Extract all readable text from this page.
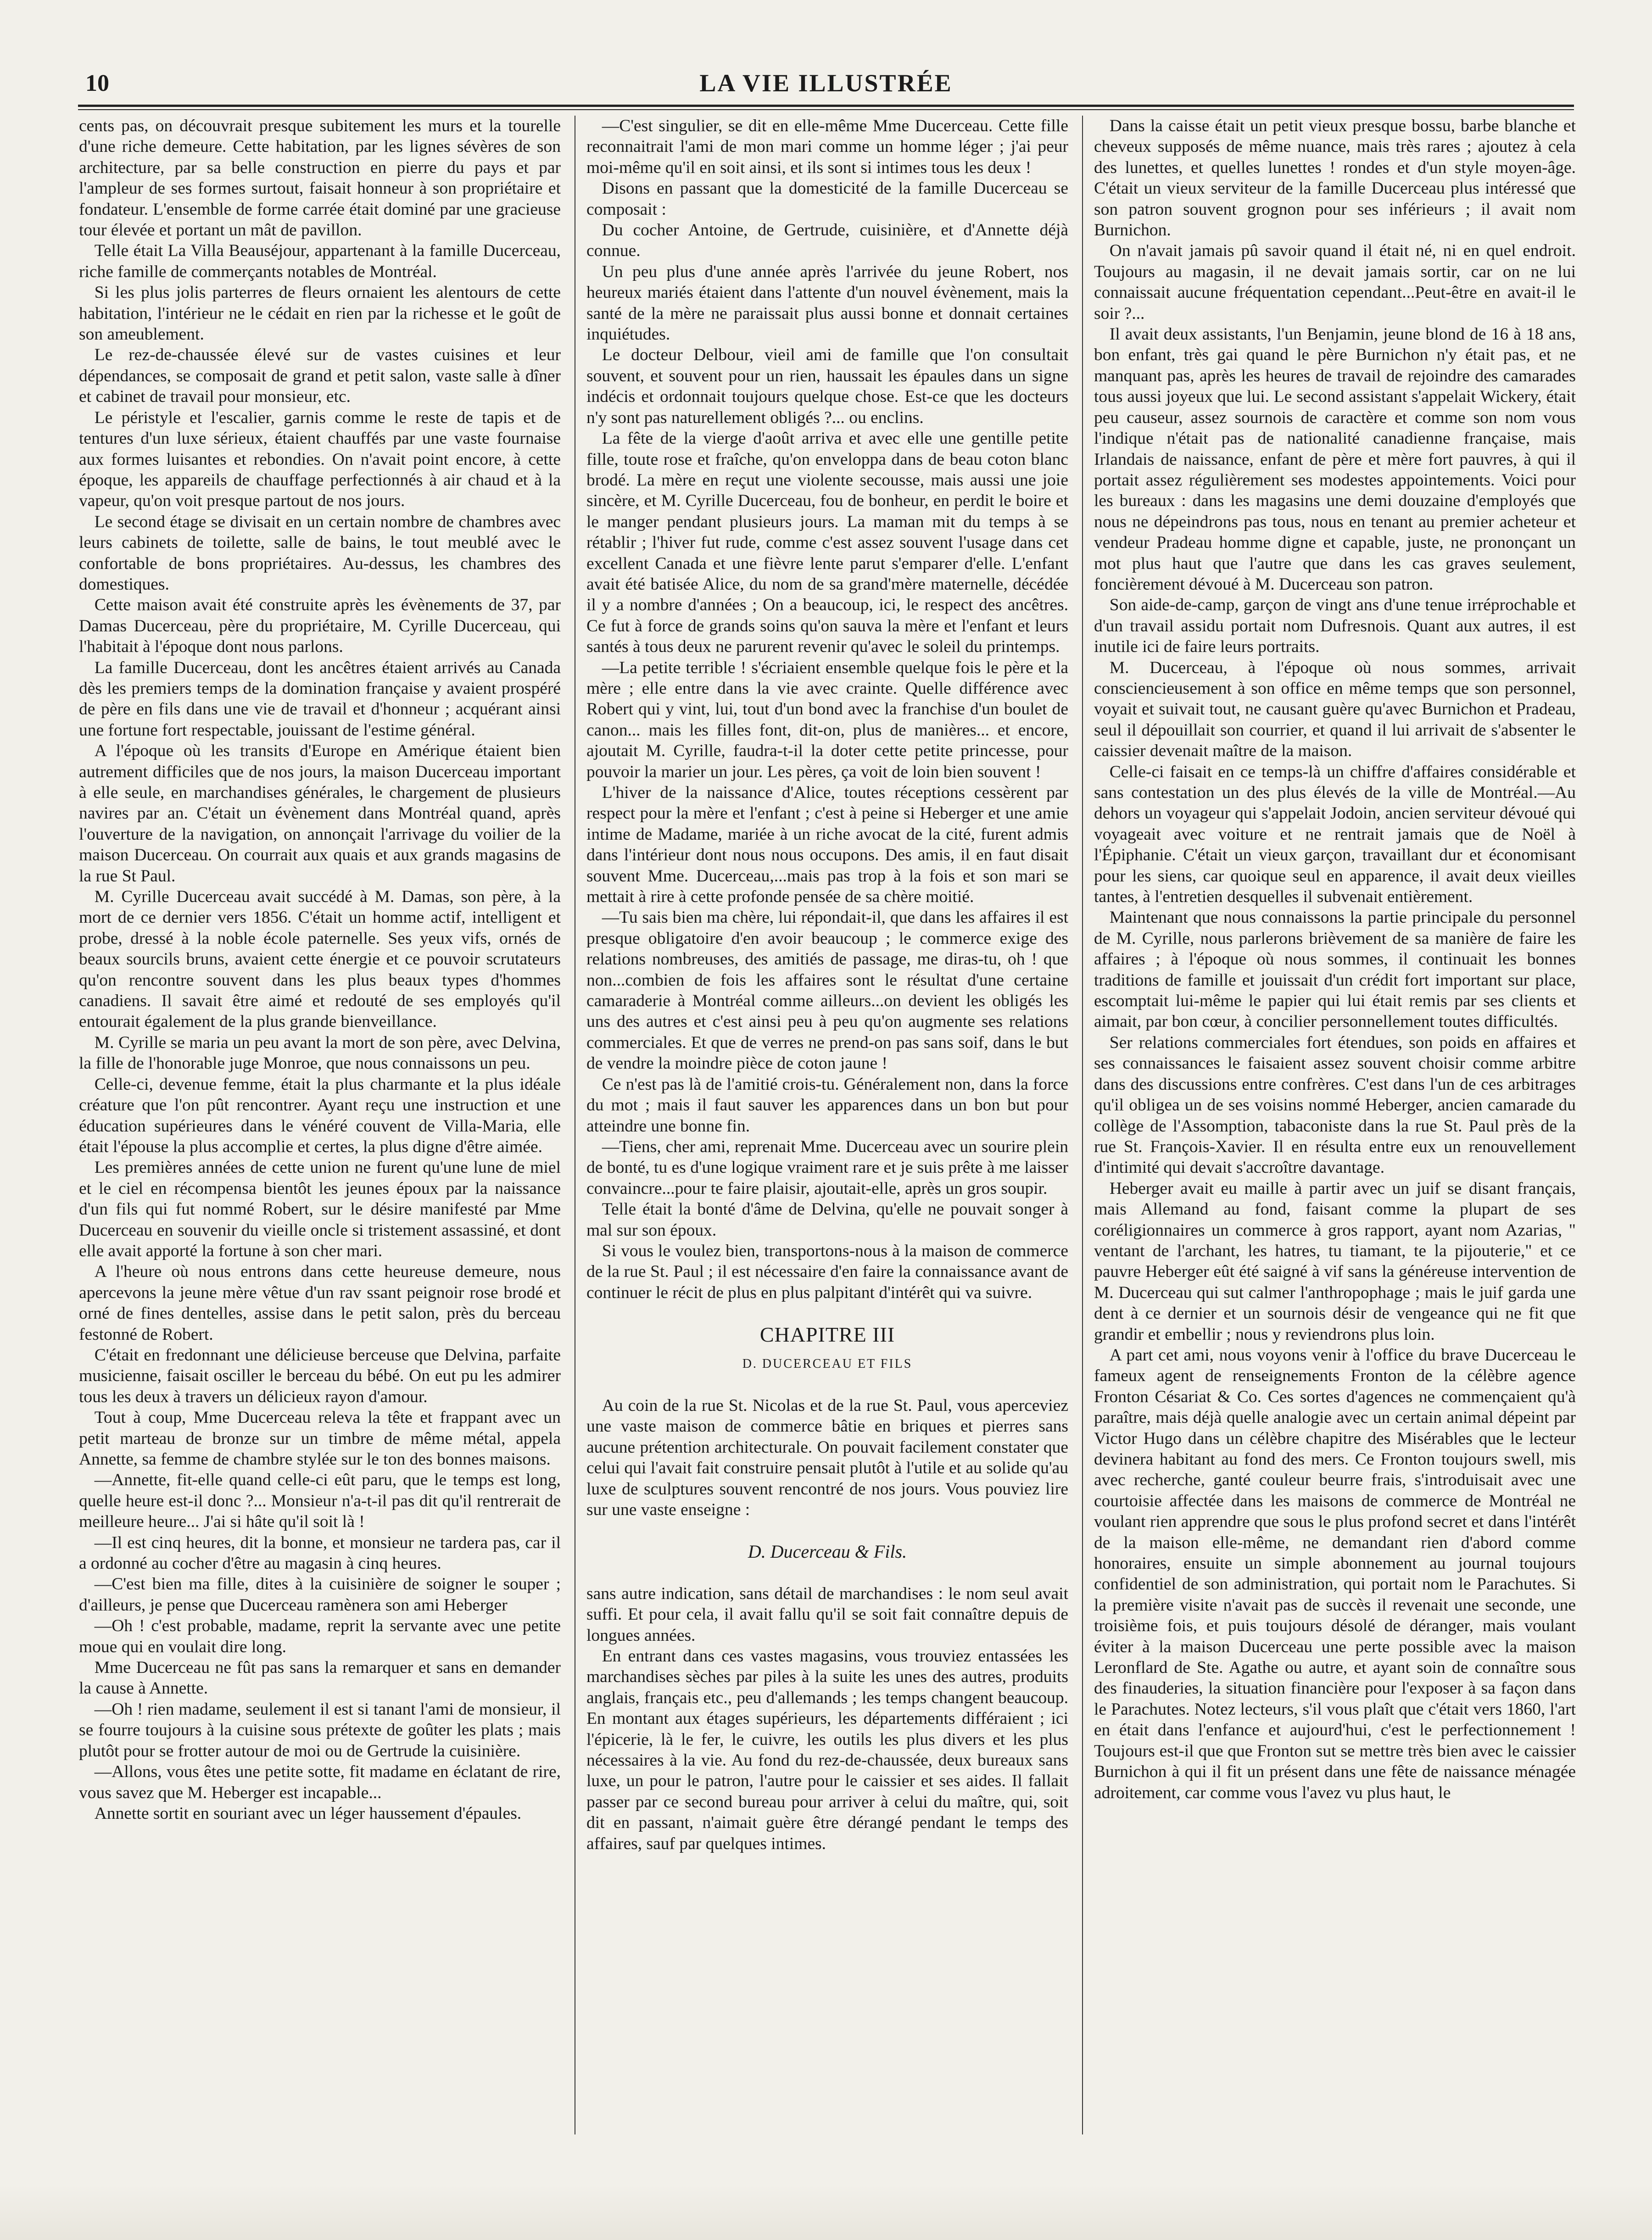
10	LA VIE ILLUSTRÉE

cents pas, on découvrait presque subitement les murs et la tourelle d'une riche demeure. Cette habitation, par les lignes sévères de son architecture, par sa belle construction en pierre du pays et par l'ampleur de ses formes surtout, faisait honneur à son propriétaire et fondateur. L'ensemble de forme carrée était dominé par une gracieuse tour élevée et portant un mât de pavillon.

Telle était La Villa Beauséjour, appartenant à la famille Ducerceau, riche famille de commerçants notables de Montréal.

Si les plus jolis parterres de fleurs ornaient les alentours de cette habitation, l'intérieur ne le cédait en rien par la richesse et le goût de son ameublement.

Le rez-de-chaussée élevé sur de vastes cuisines et leur dépendances, se composait de grand et petit salon, vaste salle à dîner et cabinet de travail pour monsieur, etc.

Le péristyle et l'escalier, garnis comme le reste de tapis et de tentures d'un luxe sérieux, étaient chauffés par une vaste fournaise aux formes luisantes et rebondies. On n'avait point encore, à cette époque, les appareils de chauffage perfectionnés à air chaud et à la vapeur, qu'on voit presque partout de nos jours.

Le second étage se divisait en un certain nombre de chambres avec leurs cabinets de toilette, salle de bains, le tout meublé avec le confortable de bons propriétaires. Au-dessus, les chambres des domestiques.

Cette maison avait été construite après les évènements de 37, par Damas Ducerceau, père du propriétaire, M. Cyrille Ducerceau, qui l'habitait à l'époque dont nous parlons.

La famille Ducerceau, dont les ancêtres étaient arrivés au Canada dès les premiers temps de la domination française y avaient prospéré de père en fils dans une vie de travail et d'honneur ; acquérant ainsi une fortune fort respectable, jouissant de l'estime général.

A l'époque où les transits d'Europe en Amérique étaient bien autrement difficiles que de nos jours, la maison Ducerceau important à elle seule, en marchandises générales, le chargement de plusieurs navires par an. C'était un évènement dans Montréal quand, après l'ouverture de la navigation, on annonçait l'arrivage du voilier de la maison Ducerceau. On courrait aux quais et aux grands magasins de la rue St Paul.

M. Cyrille Ducerceau avait succédé à M. Damas, son père, à la mort de ce dernier vers 1856. C'était un homme actif, intelligent et probe, dressé à la noble école paternelle. Ses yeux vifs, ornés de beaux sourcils bruns, avaient cette énergie et ce pouvoir scrutateurs qu'on rencontre souvent dans les plus beaux types d'hommes canadiens. Il savait être aimé et redouté de ses employés qu'il entourait également de la plus grande bienveillance.

M. Cyrille se maria un peu avant la mort de son père, avec Delvina, la fille de l'honorable juge Monroe, que nous connaissons un peu.

Celle-ci, devenue femme, était la plus charmante et la plus idéale créature que l'on pût rencontrer. Ayant reçu une instruction et une éducation supérieures dans le vénéré couvent de Villa-Maria, elle était l'épouse la plus accomplie et certes, la plus digne d'être aimée.

Les premières années de cette union ne furent qu'une lune de miel et le ciel en récompensa bientôt les jeunes époux par la naissance d'un fils qui fut nommé Robert, sur le désire manifesté par Mme Ducerceau en souvenir du vieille oncle si tristement assassiné, et dont elle avait apporté la fortune à son cher mari.

A l'heure où nous entrons dans cette heureuse demeure, nous apercevons la jeune mère vêtue d'un rav ssant peignoir rose brodé et orné de fines dentelles, assise dans le petit salon, près du berceau festonné de Robert.

C'était en fredonnant une délicieuse berceuse que Delvina, parfaite musicienne, faisait osciller le berceau du bébé. On eut pu les admirer tous les deux à travers un délicieux rayon d'amour.

Tout à coup, Mme Ducerceau releva la tête et frappant avec un petit marteau de bronze sur un timbre de même métal, appela Annette, sa femme de chambre stylée sur le ton des bonnes maisons.

—Annette, fit-elle quand celle-ci eût paru, que le temps est long, quelle heure est-il donc ?... Monsieur n'a-t-il pas dit qu'il rentrerait de meilleure heure... J'ai si hâte qu'il soit là !

—Il est cinq heures, dit la bonne, et monsieur ne tardera pas, car il a ordonné au cocher d'être au magasin à cinq heures.

—C'est bien ma fille, dites à la cuisinière de soigner le souper ; d'ailleurs, je pense que Ducerceau ramènera son ami Heberger

—Oh ! c'est probable, madame, reprit la servante avec une petite moue qui en voulait dire long.

Mme Ducerceau ne fût pas sans la remarquer et sans en demander la cause à Annette.

—Oh ! rien madame, seulement il est si tanant l'ami de monsieur, il se fourre toujours à la cuisine sous prétexte de goûter les plats ; mais plutôt pour se frotter autour de moi ou de Gertrude la cuisinière.

—Allons, vous êtes une petite sotte, fit madame en éclatant de rire, vous savez que M. Heberger est incapable...

Annette sortit en souriant avec un léger haussement d'épaules.

—C'est singulier, se dit en elle-même Mme Ducerceau. Cette fille reconnaitrait l'ami de mon mari comme un homme léger ; j'ai peur moi-même qu'il en soit ainsi, et ils sont si intimes tous les deux !

Disons en passant que la domesticité de la famille Ducerceau se composait :

Du cocher Antoine, de Gertrude, cuisinière, et d'Annette déjà connue.

Un peu plus d'une année après l'arrivée du jeune Robert, nos heureux mariés étaient dans l'attente d'un nouvel évènement, mais la santé de la mère ne paraissait plus aussi bonne et donnait certaines inquiétudes.

Le docteur Delbour, vieil ami de famille que l'on consultait souvent, et souvent pour un rien, haussait les épaules dans un signe indécis et ordonnait toujours quelque chose. Est-ce que les docteurs n'y sont pas naturellement obligés ?... ou enclins.

La fête de la vierge d'août arriva et avec elle une gentille petite fille, toute rose et fraîche, qu'on enveloppa dans de beau coton blanc brodé. La mère en reçut une violente secousse, mais aussi une joie sincère, et M. Cyrille Ducerceau, fou de bonheur, en perdit le boire et le manger pendant plusieurs jours. La maman mit du temps à se rétablir ; l'hiver fut rude, comme c'est assez souvent l'usage dans cet excellent Canada et une fièvre lente parut s'emparer d'elle. L'enfant avait été batisée Alice, du nom de sa grand'mère maternelle, décédée il y a nombre d'années ; On a beaucoup, ici, le respect des ancêtres. Ce fut à force de grands soins qu'on sauva la mère et l'enfant et leurs santés à tous deux ne parurent revenir qu'avec le soleil du printemps.

—La petite terrible ! s'écriaient ensemble quelque fois le père et la mère ; elle entre dans la vie avec crainte. Quelle différence avec Robert qui y vint, lui, tout d'un bond avec la franchise d'un boulet de canon... mais les filles font, dit-on, plus de manières... et encore, ajoutait M. Cyrille, faudra-t-il la doter cette petite princesse, pour pouvoir la marier un jour. Les pères, ça voit de loin bien souvent !

L'hiver de la naissance d'Alice, toutes réceptions cessèrent par respect pour la mère et l'enfant ; c'est à peine si Heberger et une amie intime de Madame, mariée à un riche avocat de la cité, furent admis dans l'intérieur dont nous nous occupons. Des amis, il en faut disait souvent Mme. Ducerceau,...mais pas trop à la fois et son mari se mettait à rire à cette profonde pensée de sa chère moitié.

—Tu sais bien ma chère, lui répondait-il, que dans les affaires il est presque obligatoire d'en avoir beaucoup ; le commerce exige des relations nombreuses, des amitiés de passage, me diras-tu, oh ! que non...combien de fois les affaires sont le résultat d'une certaine camaraderie à Montréal comme ailleurs...on devient les obligés les uns des autres et c'est ainsi peu à peu qu'on augmente ses relations commerciales. Et que de verres ne prend-on pas sans soif, dans le but de vendre la moindre pièce de coton jaune !

Ce n'est pas là de l'amitié crois-tu. Généralement non, dans la force du mot ; mais il faut sauver les apparences dans un bon but pour atteindre une bonne fin.

—Tiens, cher ami, reprenait Mme. Ducerceau avec un sourire plein de bonté, tu es d'une logique vraiment rare et je suis prête à me laisser convaincre...pour te faire plaisir, ajoutait-elle, après un gros soupir.

Telle était la bonté d'âme de Delvina, qu'elle ne pouvait songer à mal sur son époux.

Si vous le voulez bien, transportons-nous à la maison de commerce de la rue St. Paul ; il est nécessaire d'en faire la connaissance avant de continuer le récit de plus en plus palpitant d'intérêt qui va suivre.

CHAPITRE III

D. DUCERCEAU ET FILS

Au coin de la rue St. Nicolas et de la rue St. Paul, vous aperceviez une vaste maison de commerce bâtie en briques et pierres sans aucune prétention architecturale. On pouvait facilement constater que celui qui l'avait fait construire pensait plutôt à l'utile et au solide qu'au luxe de sculptures souvent rencontré de nos jours. Vous pouviez lire sur une vaste enseigne :

D. Ducerceau & Fils.

sans autre indication, sans détail de marchandises : le nom seul avait suffi. Et pour cela, il avait fallu qu'il se soit fait connaître depuis de longues années.

En entrant dans ces vastes magasins, vous trouviez entassées les marchandises sèches par piles à la suite les unes des autres, produits anglais, français etc., peu d'allemands ; les temps changent beaucoup. En montant aux étages supérieurs, les départements différaient ; ici l'épicerie, là le fer, le cuivre, les outils les plus divers et les plus nécessaires à la vie. Au fond du rez-de-chaussée, deux bureaux sans luxe, un pour le patron, l'autre pour le caissier et ses aides. Il fallait passer par ce second bureau pour arriver à celui du maître, qui, soit dit en passant, n'aimait guère être dérangé pendant le temps des affaires, sauf par quelques intimes.

Dans la caisse était un petit vieux presque bossu, barbe blanche et cheveux supposés de même nuance, mais très rares ; ajoutez à cela des lunettes, et quelles lunettes ! rondes et d'un style moyen-âge. C'était un vieux serviteur de la famille Ducerceau plus intéressé que son patron souvent grognon pour ses inférieurs ; il avait nom Burnichon.

On n'avait jamais pû savoir quand il était né, ni en quel endroit. Toujours au magasin, il ne devait jamais sortir, car on ne lui connaissait aucune fréquentation cependant...Peut-être en avait-il le soir ?...

Il avait deux assistants, l'un Benjamin, jeune blond de 16 à 18 ans, bon enfant, très gai quand le père Burnichon n'y était pas, et ne manquant pas, après les heures de travail de rejoindre des camarades tous aussi joyeux que lui. Le second assistant s'appelait Wickery, était peu causeur, assez sournois de caractère et comme son nom vous l'indique n'était pas de nationalité canadienne française, mais Irlandais de naissance, enfant de père et mère fort pauvres, à qui il portait assez régulièrement ses modestes appointements. Voici pour les bureaux : dans les magasins une demi douzaine d'employés que nous ne dépeindrons pas tous, nous en tenant au premier acheteur et vendeur Pradeau homme digne et capable, juste, ne prononçant un mot plus haut que l'autre que dans les cas graves seulement, foncièrement dévoué à M. Ducerceau son patron.

Son aide-de-camp, garçon de vingt ans d'une tenue irréprochable et d'un travail assidu portait nom Dufresnois. Quant aux autres, il est inutile ici de faire leurs portraits.

M. Ducerceau, à l'époque où nous sommes, arrivait consciencieusement à son office en même temps que son personnel, voyait et suivait tout, ne causant guère qu'avec Burnichon et Pradeau, seul il dépouillait son courrier, et quand il lui arrivait de s'absenter le caissier devenait maître de la maison.

Celle-ci faisait en ce temps-là un chiffre d'affaires considérable et sans contestation un des plus élevés de la ville de Montréal.—Au dehors un voyageur qui s'appelait Jodoin, ancien serviteur dévoué qui voyageait avec voiture et ne rentrait jamais que de Noël à l'Épiphanie. C'était un vieux garçon, travaillant dur et économisant pour les siens, car quoique seul en apparence, il avait deux vieilles tantes, à l'entretien desquelles il subvenait entièrement.

Maintenant que nous connaissons la partie principale du personnel de M. Cyrille, nous parlerons brièvement de sa manière de faire les affaires ; à l'époque où nous sommes, il continuait les bonnes traditions de famille et jouissait d'un crédit fort important sur place, escomptait lui-même le papier qui lui était remis par ses clients et aimait, par bon cœur, à concilier personnellement toutes difficultés.

Ser relations commerciales fort étendues, son poids en affaires et ses connaissances le faisaient assez souvent choisir comme arbitre dans des discussions entre confrères. C'est dans l'un de ces arbitrages qu'il obligea un de ses voisins nommé Heberger, ancien camarade du collège de l'Assomption, tabaconiste dans la rue St. Paul près de la rue St. François-Xavier. Il en résulta entre eux un renouvellement d'intimité qui devait s'accroître davantage.

Heberger avait eu maille à partir avec un juif se disant français, mais Allemand au fond, faisant comme la plupart de ses coréligionnaires un commerce à gros rapport, ayant nom Azarias, " ventant de l'archant, les hatres, tu tiamant, te la pijouterie," et ce pauvre Heberger eût été saigné à vif sans la généreuse intervention de M. Ducerceau qui sut calmer l'anthropophage ; mais le juif garda une dent à ce dernier et un sournois désir de vengeance qui ne fit que grandir et embellir ; nous y reviendrons plus loin.

A part cet ami, nous voyons venir à l'office du brave Ducerceau le fameux agent de renseignements Fronton de la célèbre agence Fronton Césariat & Co. Ces sortes d'agences ne commençaient qu'à paraître, mais déjà quelle analogie avec un certain animal dépeint par Victor Hugo dans un célèbre chapitre des Misérables que le lecteur devinera habitant au fond des mers. Ce Fronton toujours swell, mis avec recherche, ganté couleur beurre frais, s'introduisait avec une courtoisie affectée dans les maisons de commerce de Montréal ne voulant rien apprendre que sous le plus profond secret et dans l'intérêt de la maison elle-même, ne demandant rien d'abord comme honoraires, ensuite un simple abonnement au journal toujours confidentiel de son administration, qui portait nom le Parachutes. Si la première visite n'avait pas de succès il revenait une seconde, une troisième fois, et puis toujours désolé de déranger, mais voulant éviter à la maison Ducerceau une perte possible avec la maison Leronflard de Ste. Agathe ou autre, et ayant soin de connaître sous des finauderies, la situation financière pour l'exposer à sa façon dans le Parachutes. Notez lecteurs, s'il vous plaît que c'était vers 1860, l'art en était dans l'enfance et aujourd'hui, c'est le perfectionnement ! Toujours est-il que que Fronton sut se mettre très bien avec le caissier Burnichon à qui il fit un présent dans une fête de naissance ménagée adroitement, car comme vous l'avez vu plus haut, le
